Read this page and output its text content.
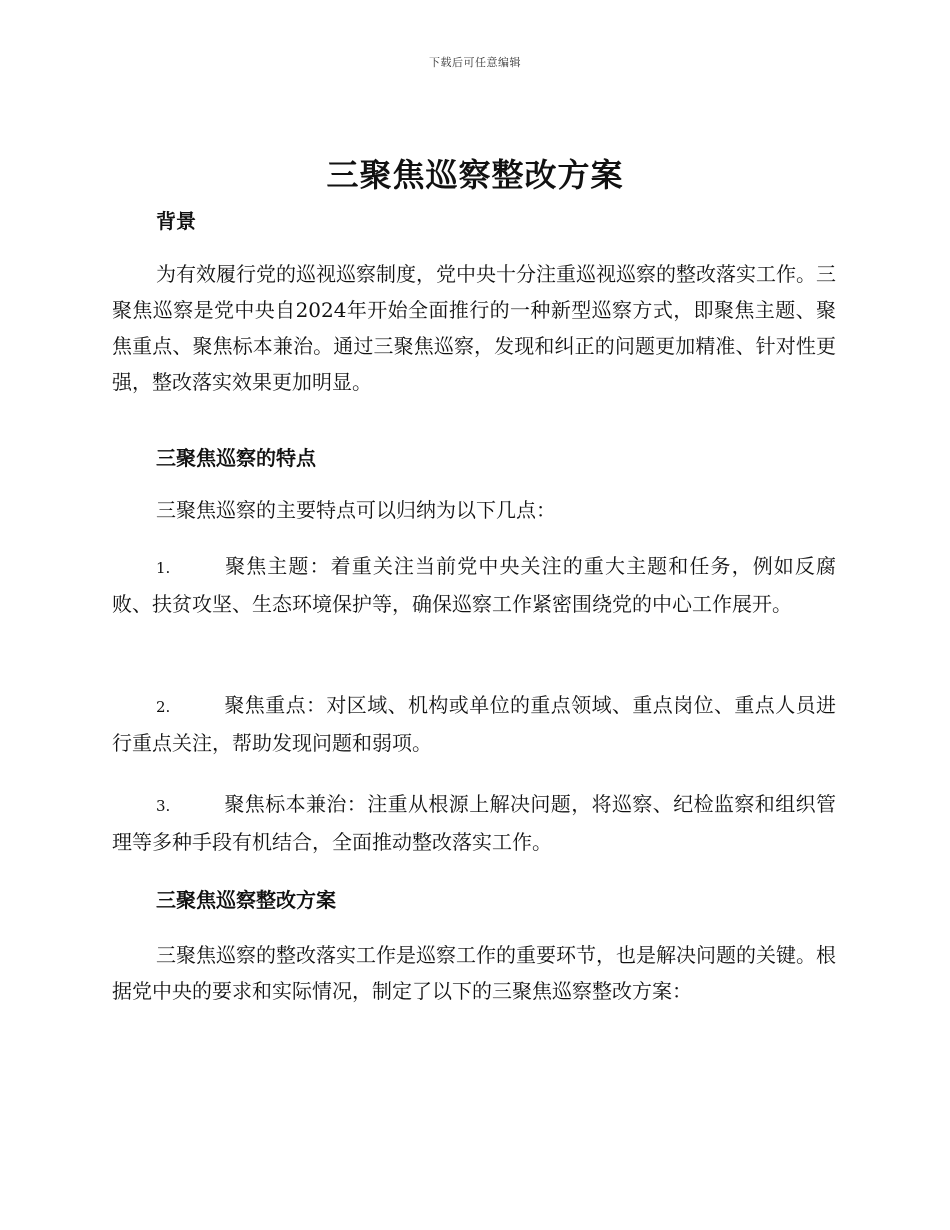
下载后可任意编辑
三聚焦巡察整改方案
背景

为有效履行党的巡视巡察制度，党中央十分注重巡视巡察的整改落实工作。三聚焦巡察是党中央自2024年开始全面推行的一种新型巡察方式，即聚焦主题、聚焦重点、聚焦标本兼治。通过三聚焦巡察，发现和纠正的问题更加精准、针对性更强，整改落实效果更加明显。

三聚焦巡察的特点

三聚焦巡察的主要特点可以归纳为以下几点：

1.	聚焦主题：着重关注当前党中央关注的重大主题和任务，例如反腐败、扶贫攻坚、生态环境保护等，确保巡察工作紧密围绕党的中心工作展开。

2.	聚焦重点：对区域、机构或单位的重点领域、重点岗位、重点人员进行重点关注，帮助发现问题和弱项。

3.	聚焦标本兼治：注重从根源上解决问题，将巡察、纪检监察和组织管理等多种手段有机结合，全面推动整改落实工作。

三聚焦巡察整改方案

三聚焦巡察的整改落实工作是巡察工作的重要环节，也是解决问题的关键。根据党中央的要求和实际情况，制定了以下的三聚焦巡察整改方案：
